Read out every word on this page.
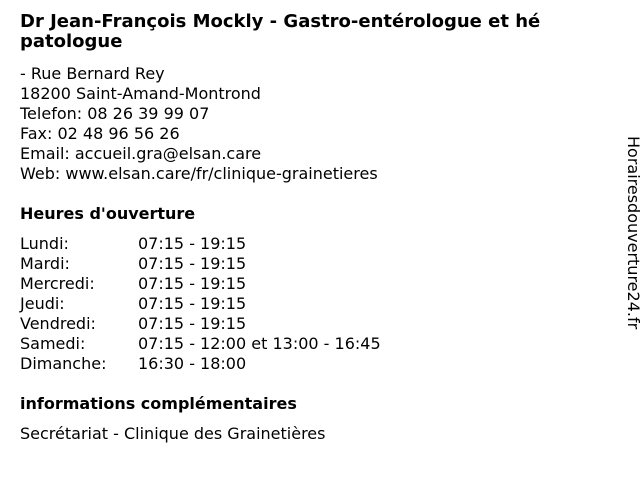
Dr Jean-François Mockly - Gastro-entérologue et hé patologue
- Rue Bernard Rey
18200 Saint-Amand-Montrond
Telefon: 08 26 39 99 07
Fax: 02 48 96 56 26
Email: accueil.gra@elsan.care
Web: www.elsan.care/fr/clinique-grainetieres
Heures d'ouverture
Lundi:	07:15 - 19:15
Mardi:	07:15 - 19:15
Mercredi:	07:15 - 19:15
Jeudi:	07:15 - 19:15
Vendredi:	07:15 - 19:15
Samedi:	07:15 - 12:00 et 13:00 - 16:45
Dimanche:	16:30 - 18:00
informations complémentaires
Secrétariat - Clinique des Grainetières
Horairesdouverture24.fr
